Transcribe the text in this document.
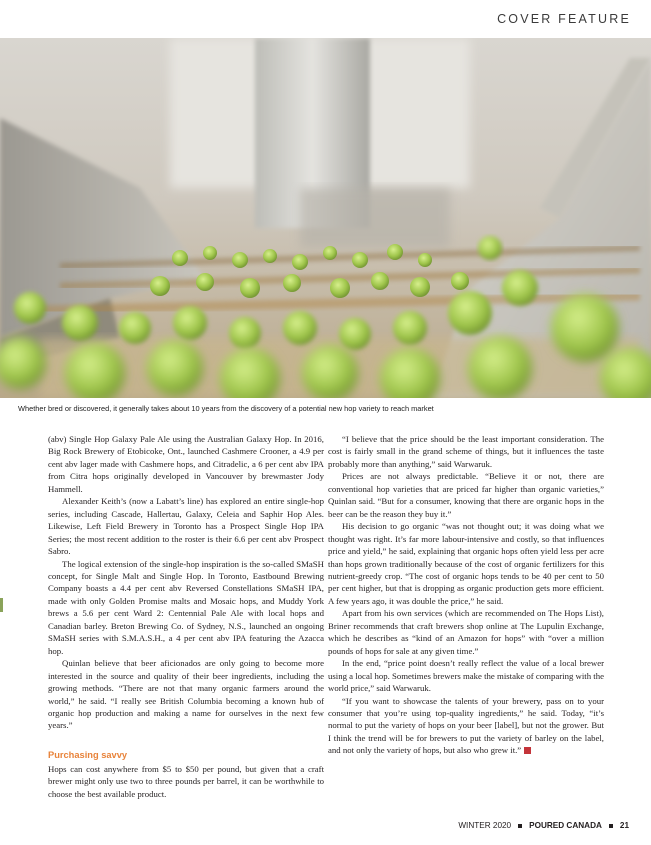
COVER FEATURE
Whether bred or discovered, it generally takes about 10 years from the discovery of a potential new hop variety to reach market

(abv) Single Hop Galaxy Pale Ale using the Australian Galaxy Hop. In 2016, Big Rock Brewery of Etobicoke, Ont., launched Cashmere Crooner, a 4.9 per cent abv lager made with Cashmere hops, and Citradelic, a 6 per cent abv IPA from Citra hops originally developed in Vancouver by brewmaster Jody Hammell.

Alexander Keith’s (now a Labatt’s line) has explored an entire single-hop series, including Cascade, Hallertau, Galaxy, Celeia and Saphir Hop Ales. Likewise, Left Field Brewery in Toronto has a Prospect Single Hop IPA Series; the most recent addition to the roster is their 6.6 per cent abv Prospect Sabro.

The logical extension of the single-hop inspiration is the so-called SMaSH concept, for Single Malt and Single Hop. In Toronto, Eastbound Brewing Company boasts a 4.4 per cent abv Reversed Constellations SMaSH IPA, made with only Golden Promise malts and Mosaic hops, and Muddy York brews a 5.6 per cent Ward 2: Centennial Pale Ale with local hops and Canadian barley. Breton Brewing Co. of Sydney, N.S., launched an ongoing SMaSH series with S.M.A.S.H., a 4 per cent abv IPA featuring the Azacca hop.

Quinlan believe that beer aficionados are only going to become more interested in the source and quality of their beer ingredients, including the growing methods. “There are not that many organic farmers around the world,” he said. “I really see British Columbia becoming a known hub of organic hop production and making a name for ourselves in the next few years.”

Purchasing savvy

Hops can cost anywhere from $5 to $50 per pound, but given that a craft brewer might only use two to three pounds per barrel, it can be worthwhile to choose the best available product.

“I believe that the price should be the least important consideration. The cost is fairly small in the grand scheme of things, but it influences the taste probably more than anything,” said Warwaruk.

Prices are not always predictable. “Believe it or not, there are conventional hop varieties that are priced far higher than organic varieties,” Quinlan said. “But for a consumer, knowing that there are organic hops in the beer can be the reason they buy it.”

His decision to go organic “was not thought out; it was doing what we thought was right. It’s far more labour-intensive and costly, so that influences price and yield,” he said, explaining that organic hops often yield less per acre than hops grown traditionally because of the cost of organic fertilizers for this nutrient-greedy crop. “The cost of organic hops tends to be 40 per cent to 50 per cent higher, but that is dropping as organic production gets more efficient. A few years ago, it was double the price,” he said.

Apart from his own services (which are recommended on The Hops List), Briner recommends that craft brewers shop online at The Lupulin Exchange, which he describes as “kind of an Amazon for hops” with “over a million pounds of hops for sale at any given time.”

In the end, “price point doesn’t really reflect the value of a local brewer using a local hop. Sometimes brewers make the mistake of comparing with the world price,” said Warwaruk.

“If you want to showcase the talents of your brewery, pass on to your consumer that you’re using top-quality ingredients,” he said. Today, “it’s normal to put the variety of hops on your beer [label], but not the grower. But I think the trend will be for brewers to put the variety of barley on the label, and not only the variety of hops, but also who grew it.”

WINTER 2020 POURED CANADA 21
